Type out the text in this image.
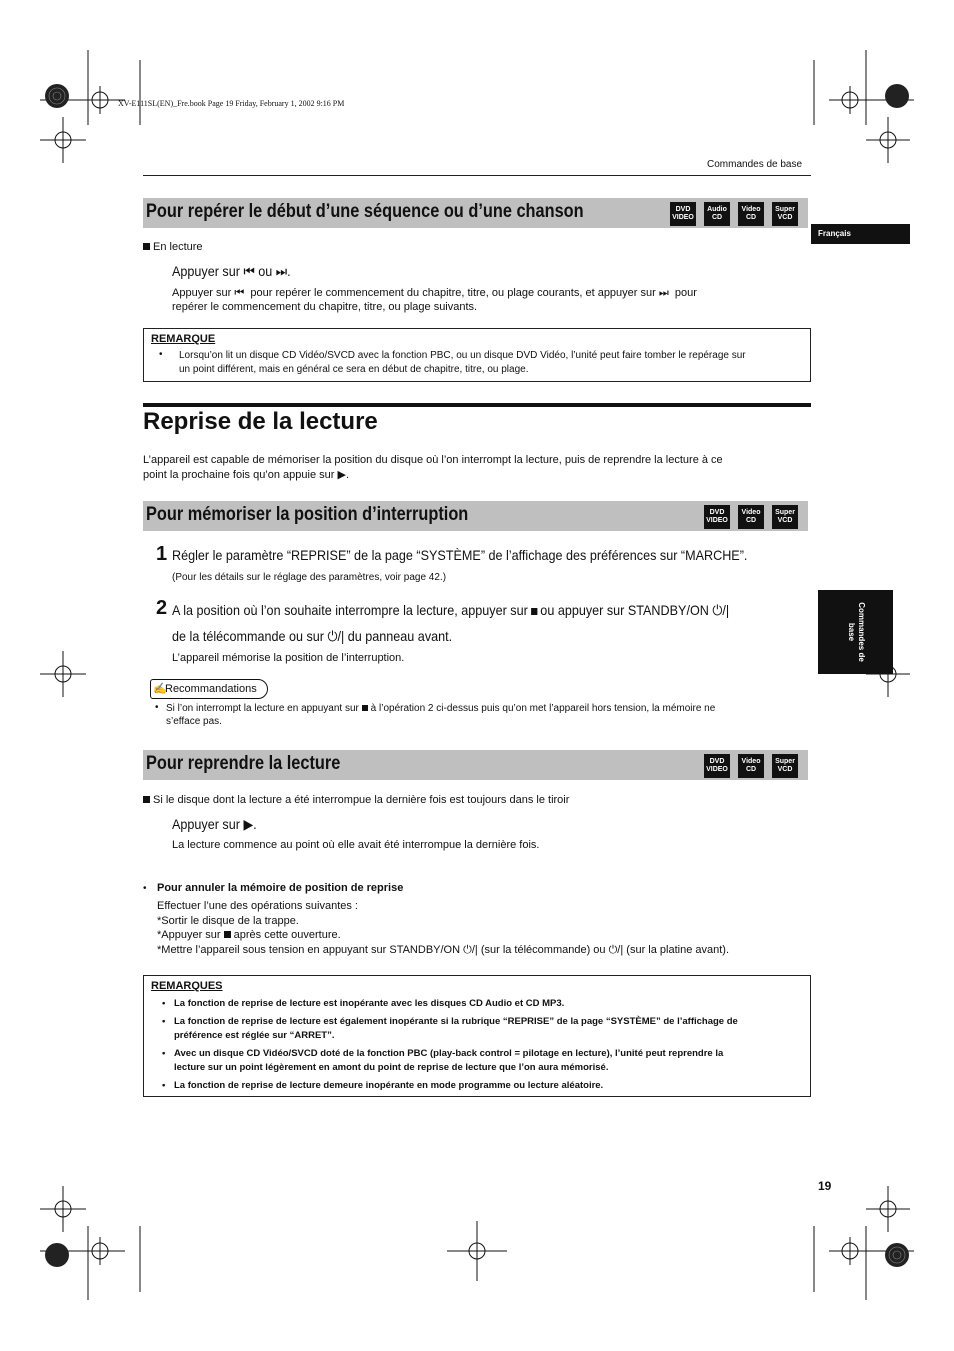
XV-E111SL(EN)_Fre.book Page 19 Friday, February 1, 2002 9:16 PM
Commandes de base
Français
Commandes de base
Pour repérer le début d’une séquence ou d’une chanson	DVD
VIDEO
Audio
CD
Video
CD
Super
VCD
En lecture
Appuyer sur ⏮ ou ⏭.
Appuyer sur ⏮ pour repérer le commencement du chapitre, titre, ou plage courants, et appuyer sur ⏭ pour
repérer le commencement du chapitre, titre, ou plage suivants.
REMARQUE
• Lorsqu’on lit un disque CD Vidéo/SVCD avec la fonction PBC, ou un disque DVD Vidéo, l’unité peut faire tomber le repérage sur
un point différent, mais en général ce sera en début de chapitre, titre, ou plage.
Reprise de la lecture
L’appareil est capable de mémoriser la position du disque où l’on interrompt la lecture, puis de reprendre la lecture à ce
point la prochaine fois qu’on appuie sur ▶.
Pour mémoriser la position d’interruption	DVD
VIDEO
Video
CD
Super
VCD
1 Régler le paramètre “REPRISE” de la page “SYSTÈME” de l’affichage des préférences sur “MARCHE”.
(Pour les détails sur le réglage des paramètres, voir page 42.)
2 A la position où l’on souhaite interrompre la lecture, appuyer sur ou appuyer sur STANDBY/ON ⏻/|
de la télécommande ou sur ⏻/| du panneau avant.
L’appareil mémorise la position de l’interruption.
✍
Recommandations
• Si l’on interrompt la lecture en appuyant sur à l’opération 2 ci-dessus puis qu’on met l’appareil hors tension, la mémoire ne
s’efface pas.
Pour reprendre la lecture	DVD
VIDEO
Video
CD
Super
VCD
Si le disque dont la lecture a été interrompue la dernière fois est toujours dans le tiroir
Appuyer sur ▶.
La lecture commence au point où elle avait été interrompue la dernière fois.
• Pour annuler la mémoire de position de reprise
Effectuer l’une des opérations suivantes :
*Sortir le disque de la trappe.
*Appuyer sur après cette ouverture.
*Mettre l’appareil sous tension en appuyant sur STANDBY/ON ⏻/| (sur la télécommande) ou ⏻/| (sur la platine avant).
REMARQUES
• La fonction de reprise de lecture est inopérante avec les disques CD Audio et CD MP3.
• La fonction de reprise de lecture est également inopérante si la rubrique “REPRISE” de la page “SYSTÈME” de l’affichage de
préférence est réglée sur “ARRET”.
• Avec un disque CD Vidéo/SVCD doté de la fonction PBC (play-back control = pilotage en lecture), l’unité peut reprendre la
lecture sur un point légèrement en amont du point de reprise de lecture que l’on aura mémorisé.
• La fonction de reprise de lecture demeure inopérante en mode programme ou lecture aléatoire.
19
